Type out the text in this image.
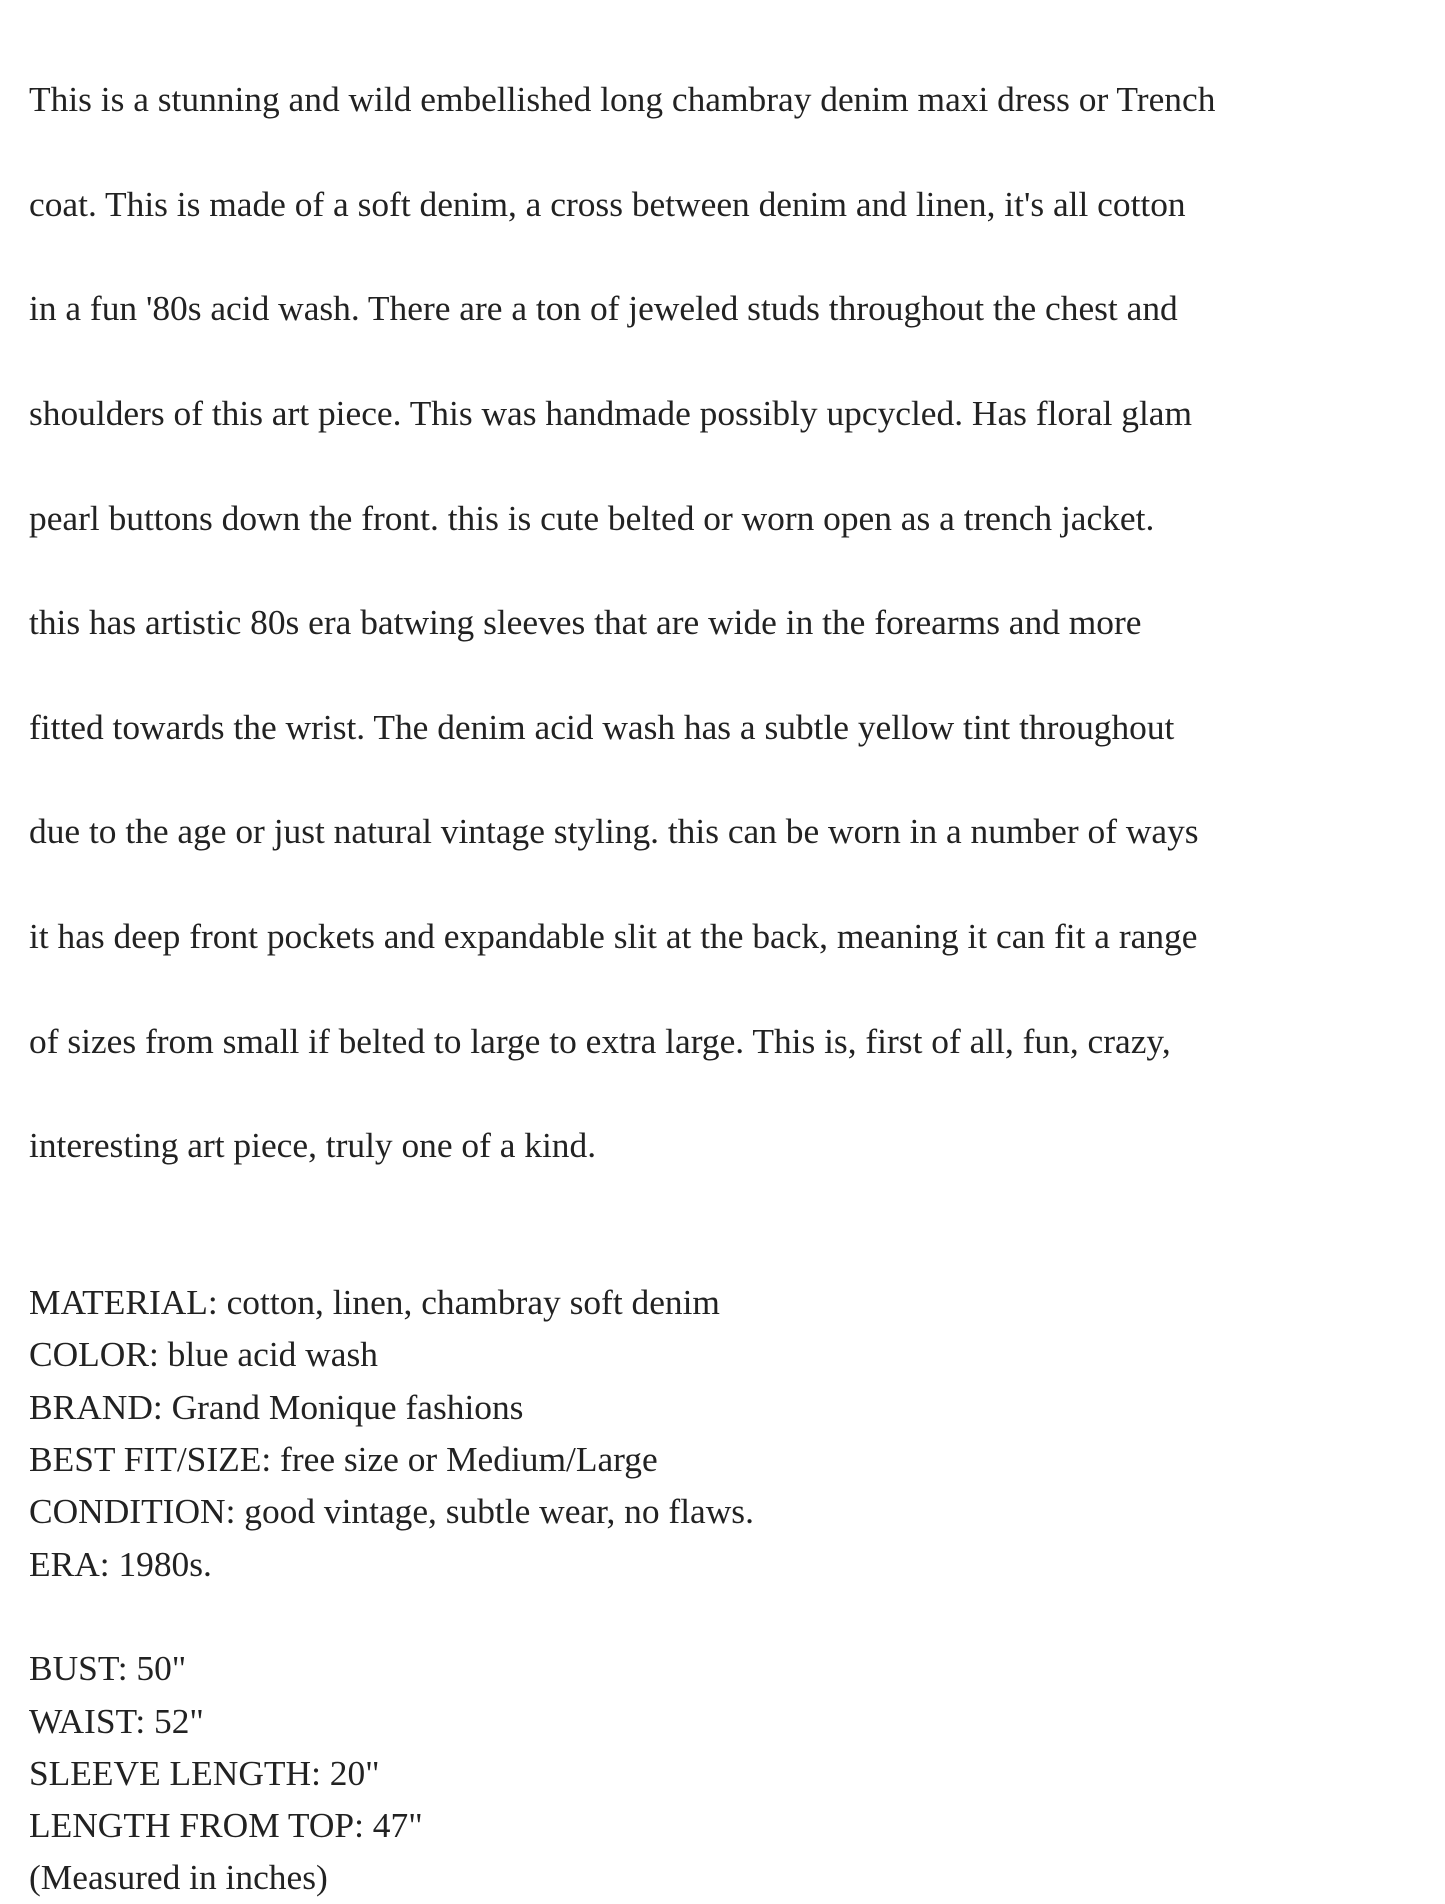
This is a stunning and wild embellished long chambray denim maxi dress or Trench

coat. This is made of a soft denim, a cross between denim and linen, it's all cotton

in a fun '80s acid wash. There are a ton of jeweled studs throughout the chest and

shoulders of this art piece. This was handmade possibly upcycled. Has floral glam

pearl buttons down the front. this is cute belted or worn open as a trench jacket.

this has artistic 80s era batwing sleeves that are wide in the forearms and more

fitted towards the wrist. The denim acid wash has a subtle yellow tint throughout

due to the age or just natural vintage styling. this can be worn in a number of ways

it has deep front pockets and expandable slit at the back, meaning it can fit a range

of sizes from small if belted to large to extra large. This is, first of all, fun, crazy,

interesting art piece, truly one of a kind.

MATERIAL: cotton, linen, chambray soft denim
COLOR: blue acid wash
BRAND: Grand Monique fashions
BEST FIT/SIZE: free size or Medium/Large
CONDITION: good vintage, subtle wear, no flaws.
ERA: 1980s.
BUST: 50"
WAIST: 52"
SLEEVE LENGTH: 20"
LENGTH FROM TOP: 47"

(Measured in inches)
